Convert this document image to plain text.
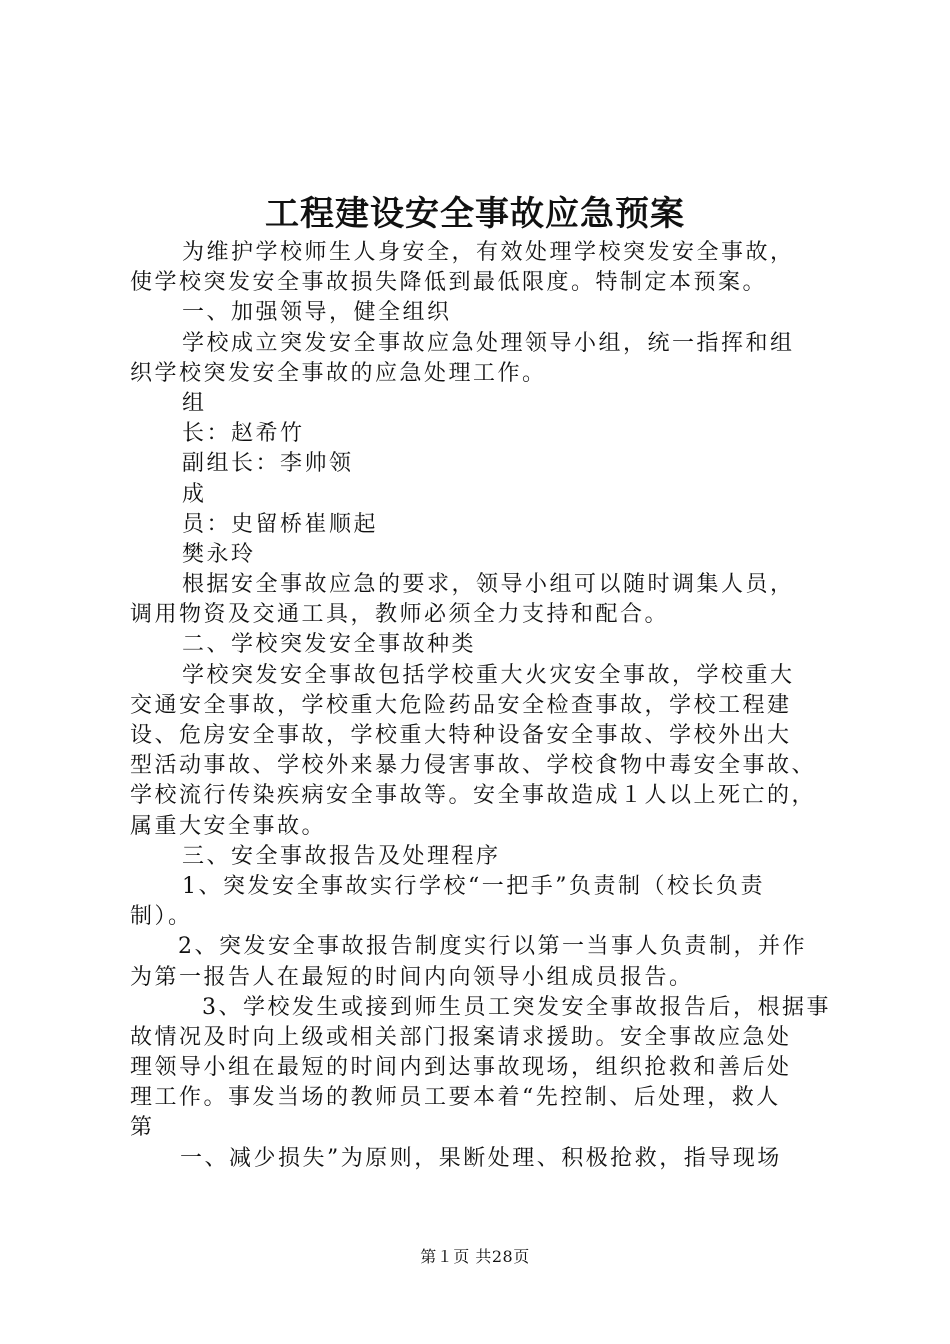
工程建设安全事故应急预案
为维护学校师生人身安全，有效处理学校突发安全事故，
使学校突发安全事故损失降低到最低限度。特制定本预案。
一、加强领导，健全组织
学校成立突发安全事故应急处理领导小组，统一指挥和组
织学校突发安全事故的应急处理工作。
组
长：赵希竹
副组长：李帅领
成
员：史留桥崔顺起
樊永玲
根据安全事故应急的要求，领导小组可以随时调集人员，
调用物资及交通工具，教师必须全力支持和配合。
二、学校突发安全事故种类
学校突发安全事故包括学校重大火灾安全事故，学校重大
交通安全事故，学校重大危险药品安全检查事故，学校工程建
设、危房安全事故，学校重大特种设备安全事故、学校外出大
型活动事故、学校外来暴力侵害事故、学校食物中毒安全事故、
学校流行传染疾病安全事故等。安全事故造成１人以上死亡的，
属重大安全事故。
三、安全事故报告及处理程序
1、突发安全事故实行学校“一把手”负责制（校长负责
制）。
2、突发安全事故报告制度实行以第一当事人负责制，并作
为第一报告人在最短的时间内向领导小组成员报告。
3、学校发生或接到师生员工突发安全事故报告后，根据事
故情况及时向上级或相关部门报案请求援助。安全事故应急处
理领导小组在最短的时间内到达事故现场，组织抢救和善后处
理工作。事发当场的教师员工要本着“先控制、后处理，救人
第
一、减少损失”为原则，果断处理、积极抢救，指导现场
第１页 共28页
